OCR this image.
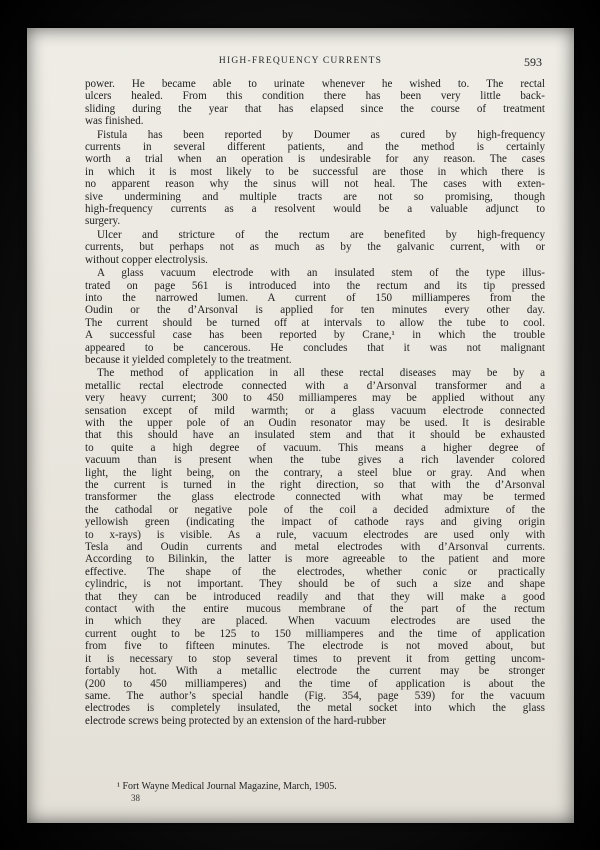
HIGH-FREQUENCY CURRENTS	593
power. He became able to urinate whenever he wished to. The rectal
ulcers healed. From this condition there has been very little back-
sliding during the year that has elapsed since the course of treatment
was finished.
Fistula has been reported by Doumer as cured by high-frequency
currents in several different patients, and the method is certainly
worth a trial when an operation is undesirable for any reason. The cases
in which it is most likely to be successful are those in which there is
no apparent reason why the sinus will not heal. The cases with exten-
sive undermining and multiple tracts are not so promising, though
high-frequency currents as a resolvent would be a valuable adjunct to
surgery.
Ulcer and stricture of the rectum are benefited by high-frequency
currents, but perhaps not as much as by the galvanic current, with or
without copper electrolysis.
A glass vacuum electrode with an insulated stem of the type illus-
trated on page 561 is introduced into the rectum and its tip pressed
into the narrowed lumen. A current of 150 milliamperes from the
Oudin or the d’Arsonval is applied for ten minutes every other day.
The current should be turned off at intervals to allow the tube to cool.
A successful case has been reported by Crane,¹ in which the trouble
appeared to be cancerous. He concludes that it was not malignant
because it yielded completely to the treatment.
The method of application in all these rectal diseases may be by a
metallic rectal electrode connected with a d’Arsonval transformer and a
very heavy current; 300 to 450 milliamperes may be applied without any
sensation except of mild warmth; or a glass vacuum electrode connected
with the upper pole of an Oudin resonator may be used. It is desirable
that this should have an insulated stem and that it should be exhausted
to quite a high degree of vacuum. This means a higher degree of
vacuum than is present when the tube gives a rich lavender colored
light, the light being, on the contrary, a steel blue or gray. And when
the current is turned in the right direction, so that with the d’Arsonval
transformer the glass electrode connected with what may be termed
the cathodal or negative pole of the coil a decided admixture of the
yellowish green (indicating the impact of cathode rays and giving origin
to x-rays) is visible. As a rule, vacuum electrodes are used only with
Tesla and Oudin currents and metal electrodes with d’Arsonval currents.
According to Bilinkin, the latter is more agreeable to the patient and more
effective. The shape of the electrodes, whether conic or practically
cylindric, is not important. They should be of such a size and shape
that they can be introduced readily and that they will make a good
contact with the entire mucous membrane of the part of the rectum
in which they are placed. When vacuum electrodes are used the
current ought to be 125 to 150 milliamperes and the time of application
from five to fifteen minutes. The electrode is not moved about, but
it is necessary to stop several times to prevent it from getting uncom-
fortably hot. With a metallic electrode the current may be stronger
(200 to 450 milliamperes) and the time of application is about the
same. The author’s special handle (Fig. 354, page 539) for the vacuum
electrodes is completely insulated, the metal socket into which the glass
electrode screws being protected by an extension of the hard-rubber
¹ Fort Wayne Medical Journal Magazine, March, 1905.
38
